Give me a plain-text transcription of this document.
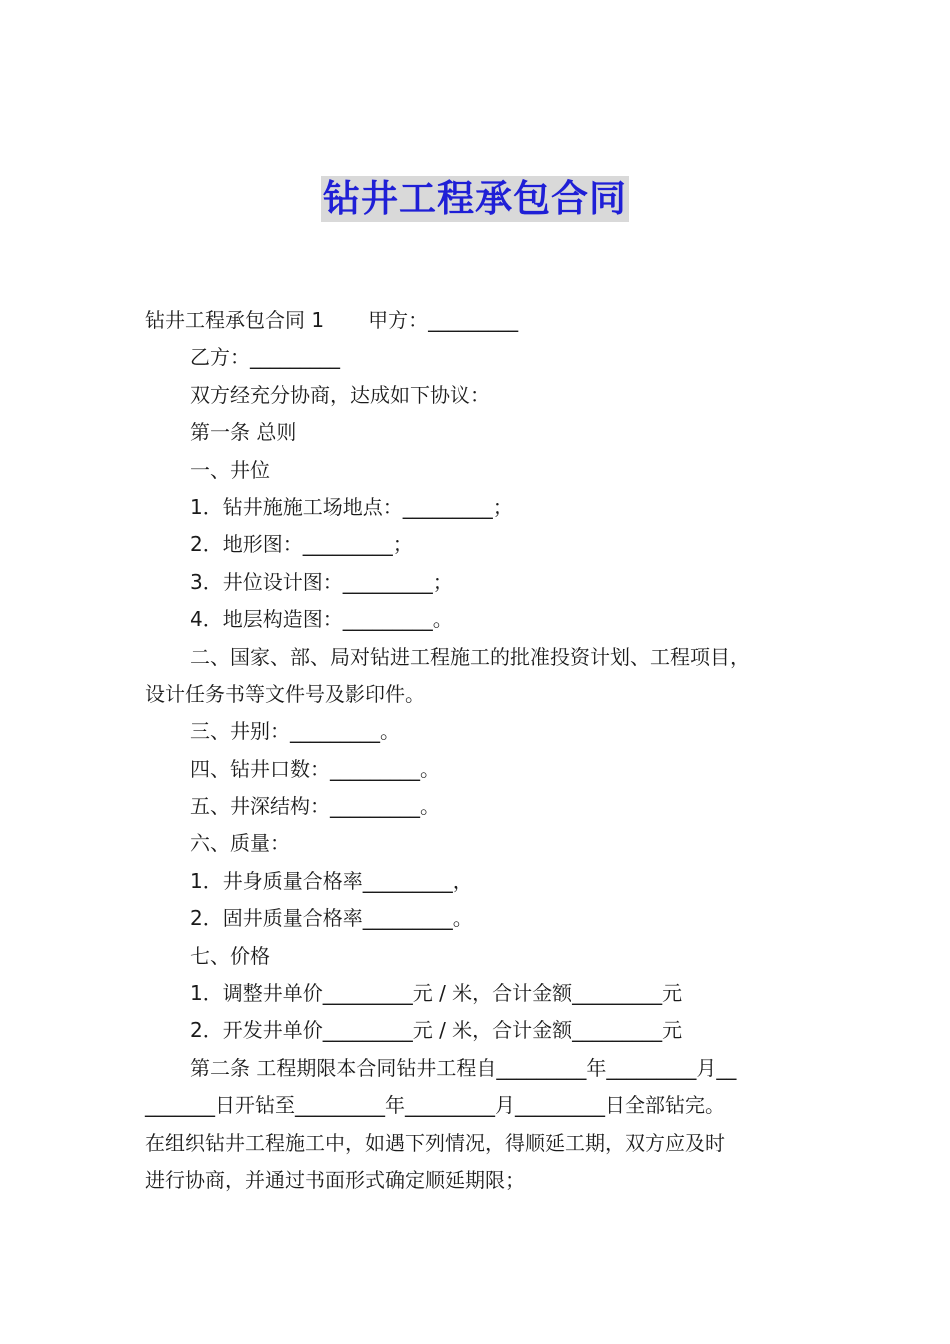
钻井工程承包合同
钻井工程承包合同 1 甲方：_________
乙方：_________
双方经充分协商，达成如下协议：
第一条 总则
一、井位
1．钻井施施工场地点：_________；
2．地形图：_________；
3．井位设计图：_________；
4．地层构造图：_________。
二、国家、部、局对钻进工程施工的批准投资计划、工程项目，
设计任务书等文件号及影印件。
三、井别：_________。
四、钻井口数：_________。
五、井深结构：_________。
六、质量：
1．井身质量合格率_________，
2．固井质量合格率_________。
七、价格
1．调整井单价_________元 / 米，合计金额_________元
2．开发井单价_________元 / 米，合计金额_________元
第二条 工程期限本合同钻井工程自_________年_________月__
_______日开钻至_________年_________月_________日全部钻完。
在组织钻井工程施工中，如遇下列情况，得顺延工期，双方应及时
进行协商，并通过书面形式确定顺延期限；
